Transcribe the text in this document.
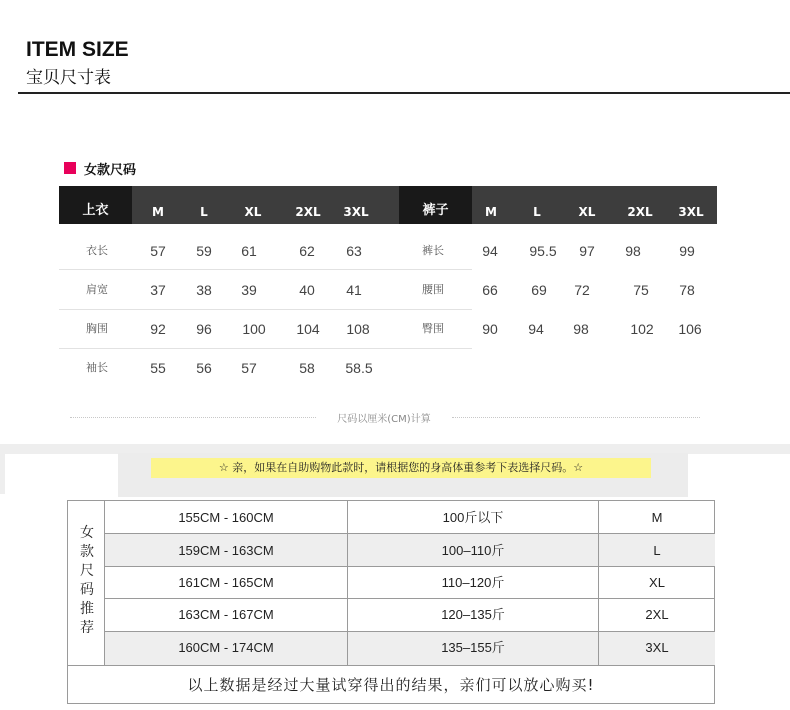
ITEM SIZE
宝贝尺寸表
女款尺码
上衣	M	L	XL	2XL	3XL	裤子	M	L	XL	2XL	3XL
衣长	57	59	61	62	63	裤长	94	95.5	97	98	99
肩宽	37	38	39	40	41	腰围	66	69	72	75	78
胸围	92	96	100	104	108	臀围	90	94	98	102	106
袖长	55	56	57	58	58.5
尺码以厘米(CM)计算
☆ 亲，如果在自助购物此款时，请根据您的身高体重参考下表选择尺码。☆
女款尺码推荐
155CM - 160CM	100斤以下	M
159CM - 163CM	100–110斤	L
161CM - 165CM	110–120斤	XL
163CM - 167CM	120–135斤	2XL
160CM - 174CM	135–155斤	3XL
以上数据是经过大量试穿得出的结果，亲们可以放心购买!
